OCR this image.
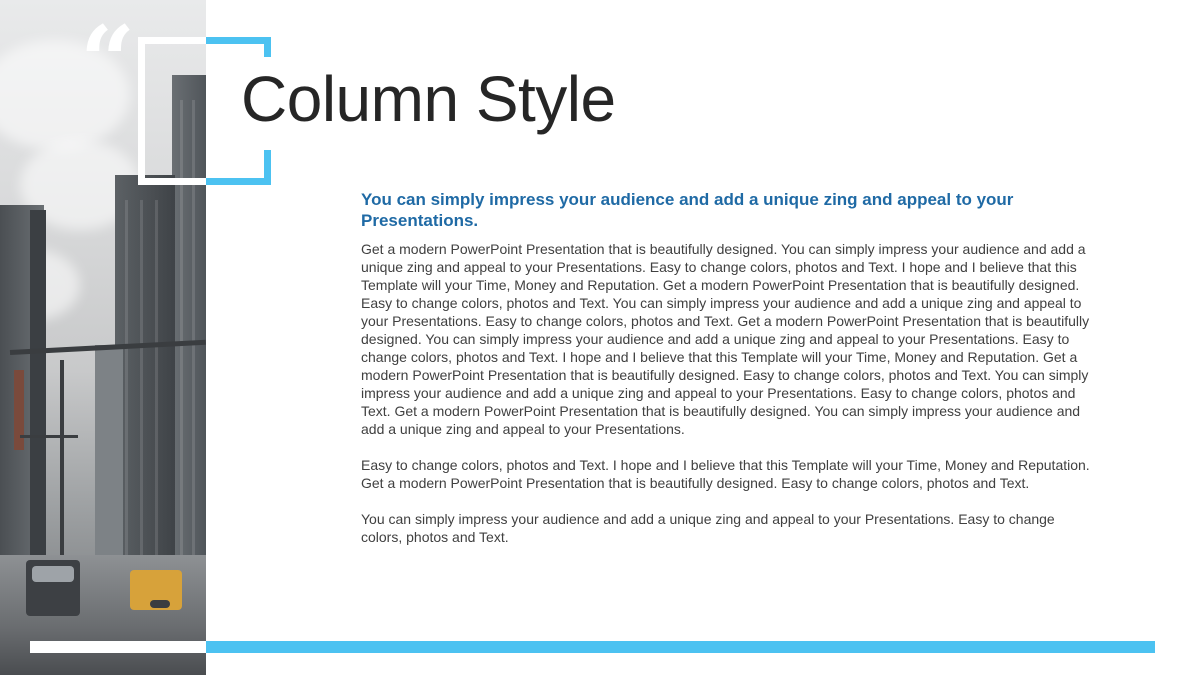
“ Column Style
You can simply impress your audience and add a unique zing and appeal to your Presentations.

Get a modern PowerPoint Presentation that is beautifully designed. You can simply impress your audience and add a unique zing and appeal to your Presentations. Easy to change colors, photos and Text. I hope and I believe that this Template will your Time, Money and Reputation. Get a modern PowerPoint Presentation that is beautifully designed. Easy to change colors, photos and Text. You can simply impress your audience and add a unique zing and appeal to your Presentations. Easy to change colors, photos and Text. Get a modern PowerPoint Presentation that is beautifully designed. You can simply impress your audience and add a unique zing and appeal to your Presentations. Easy to change colors, photos and Text. I hope and I believe that this Template will your Time, Money and Reputation. Get a modern PowerPoint Presentation that is beautifully designed. Easy to change colors, photos and Text. You can simply impress your audience and add a unique zing and appeal to your Presentations. Easy to change colors, photos and Text. Get a modern PowerPoint Presentation that is beautifully designed. You can simply impress your audience and add a unique zing and appeal to your Presentations.

Easy to change colors, photos and Text. I hope and I believe that this Template will your Time, Money and Reputation. Get a modern PowerPoint Presentation that is beautifully designed. Easy to change colors, photos and Text.

You can simply impress your audience and add a unique zing and appeal to your Presentations. Easy to change colors, photos and Text.
